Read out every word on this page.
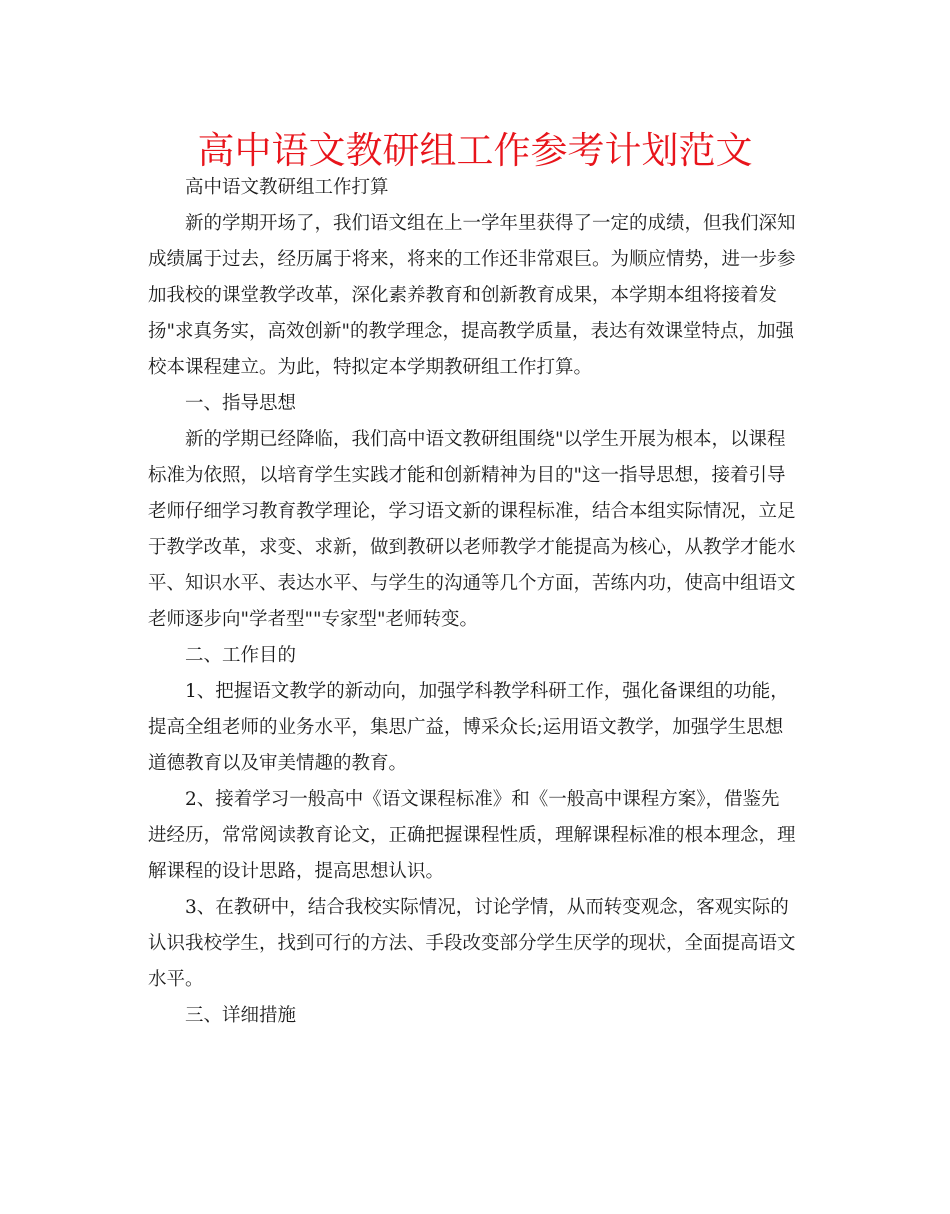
高中语文教研组工作参考计划范文
高中语文教研组工作打算
新的学期开场了，我们语文组在上一学年里获得了一定的成绩，但我们深知
成绩属于过去，经历属于将来，将来的工作还非常艰巨。为顺应情势，进一步参
加我校的课堂教学改革，深化素养教育和创新教育成果，本学期本组将接着发
扬"求真务实，高效创新"的教学理念，提高教学质量，表达有效课堂特点，加强
校本课程建立。为此，特拟定本学期教研组工作打算。
一、指导思想
新的学期已经降临，我们高中语文教研组围绕"以学生开展为根本，以课程
标准为依照，以培育学生实践才能和创新精神为目的"这一指导思想，接着引导
老师仔细学习教育教学理论，学习语文新的课程标准，结合本组实际情况，立足
于教学改革，求变、求新，做到教研以老师教学才能提高为核心，从教学才能水
平、知识水平、表达水平、与学生的沟通等几个方面，苦练内功，使高中组语文
老师逐步向"学者型""专家型"老师转变。
二、工作目的
1、把握语文教学的新动向，加强学科教学科研工作，强化备课组的功能，
提高全组老师的业务水平，集思广益，博采众长;运用语文教学，加强学生思想
道德教育以及审美情趣的教育。
2、接着学习一般高中《语文课程标准》和《一般高中课程方案》，借鉴先
进经历，常常阅读教育论文，正确把握课程性质，理解课程标准的根本理念，理
解课程的设计思路，提高思想认识。
3、在教研中，结合我校实际情况，讨论学情，从而转变观念，客观实际的
认识我校学生，找到可行的方法、手段改变部分学生厌学的现状，全面提高语文
水平。
三、详细措施
